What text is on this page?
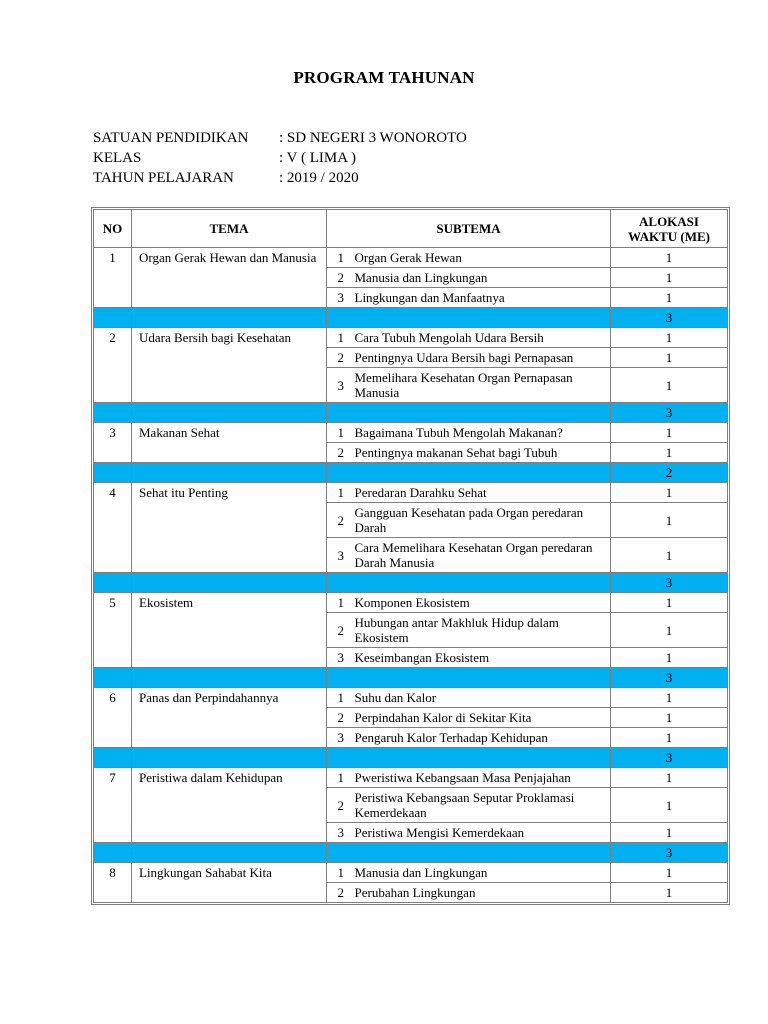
PROGRAM TAHUNAN
SATUAN PENDIDIKAN	: SD NEGERI 3 WONOROTO
KELAS	: V ( LIMA )
TAHUN PELAJARAN	: 2019 / 2020
NO	TEMA	SUBTEMA		ALOKASI
WAKTU (ME)

1	Organ Gerak Hewan dan Manusia	1	Organ Gerak Hewan	1
		2	Manusia dan Lingkungan	1
		3	Lingkungan dan Manfaatnya	1
				3
2	Udara Bersih bagi Kesehatan	1	Cara Tubuh Mengolah Udara Bersih	1
		2	Pentingnya Udara Bersih bagi Pernapasan	1
		3	Memelihara Kesehatan Organ Pernapasan Manusia	1
				3
3	Makanan Sehat	1	Bagaimana Tubuh Mengolah Makanan?	1
		2	Pentingnya makanan Sehat bagi Tubuh	1
				2
4	Sehat itu Penting	1	Peredaran Darahku Sehat	1
		2	Gangguan Kesehatan pada Organ peredaran Darah	1
		3	Cara Memelihara Kesehatan Organ peredaran Darah Manusia	1
				3
5	Ekosistem	1	Komponen Ekosistem	1
		2	Hubungan antar Makhluk Hidup dalam Ekosistem	1
		3	Keseimbangan Ekosistem	1
				3
6	Panas dan Perpindahannya	1	Suhu dan Kalor	1
		2	Perpindahan Kalor di Sekitar Kita	1
		3	Pengaruh Kalor Terhadap Kehidupan	1
				3
7	Peristiwa dalam Kehidupan	1	Pweristiwa Kebangsaan Masa Penjajahan	1
		2	Peristiwa Kebangsaan Seputar Proklamasi Kemerdekaan	1
		3	Peristiwa Mengisi Kemerdekaan	1
				3
8	Lingkungan Sahabat Kita	1	Manusia dan Lingkungan	1
		2	Perubahan Lingkungan	1
